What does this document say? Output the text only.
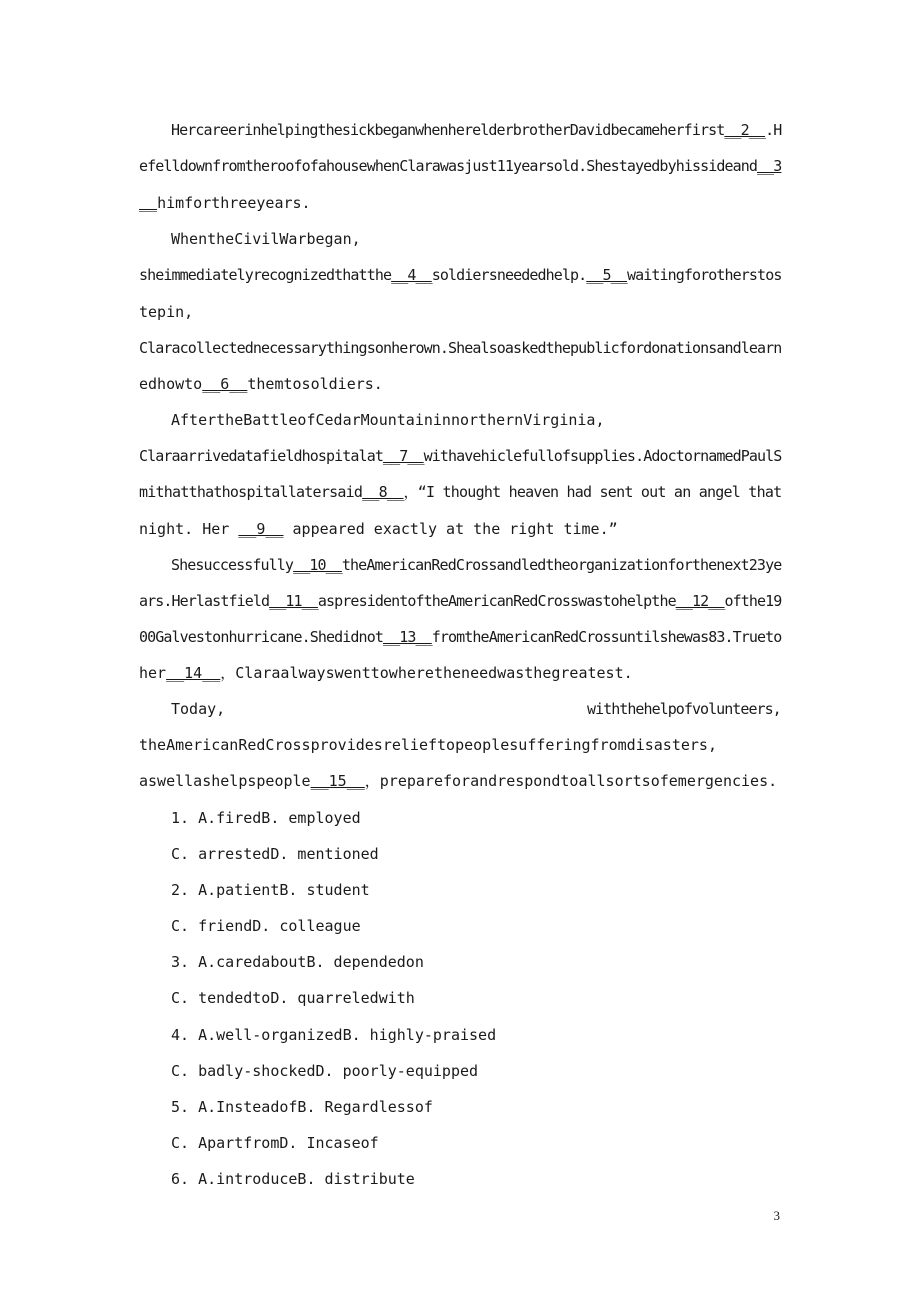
HercareerinhelpingthesickbeganwhenherelderbrotherDavidbecameherfirst__2__.H
efelldownfromtheroofofahousewhenClarawasjust11yearsold.Shestayedbyhissideand__3
__himforthreeyears.
WhentheCivilWarbegan,
sheimmediatelyrecognizedthatthe__4__soldiersneededhelp.__5__waitingforotherstos
tepin,
Claracollectednecessarythingsonherown.Shealsoaskedthepublicfordonationsandlearn
edhowto__6__themtosoldiers.
AftertheBattleofCedarMountaininnorthernVirginia,
Claraarrivedatafieldhospitalat__7__withavehiclefullofsupplies.AdoctornamedPaulS
mithatthathospitallatersaid__8__，“I thought heaven had sent out an angel that
night. Her __9__ appeared exactly at the right time.”
Shesuccessfully__10__theAmericanRedCrossandledtheorganizationforthenext23ye
ars.Herlastfield__11__aspresidentoftheAmericanRedCrosswastohelpthe__12__ofthe19
00Galvestonhurricane.Shedidnot__13__fromtheAmericanRedCrossuntilshewas83.Trueto
her__14__，Claraalwayswenttowheretheneedwasthegreatest.
Today,	withthehelpofvolunteers,
theAmericanRedCrossprovidesrelieftopeoplesufferingfromdisasters,
aswellashelpspeople__15__，prepareforandrespondtoallsortsofemergencies.
1. A.firedB. employed
C. arrestedD. mentioned
2. A.patientB. student
C. friendD. colleague
3. A.caredaboutB. dependedon
C. tendedtoD. quarreledwith
4. A.well-organizedB. highly-praised
C. badly-shockedD. poorly-equipped
5. A.InsteadofB. Regardlessof
C. ApartfromD. Incaseof
6. A.introduceB. distribute
3
